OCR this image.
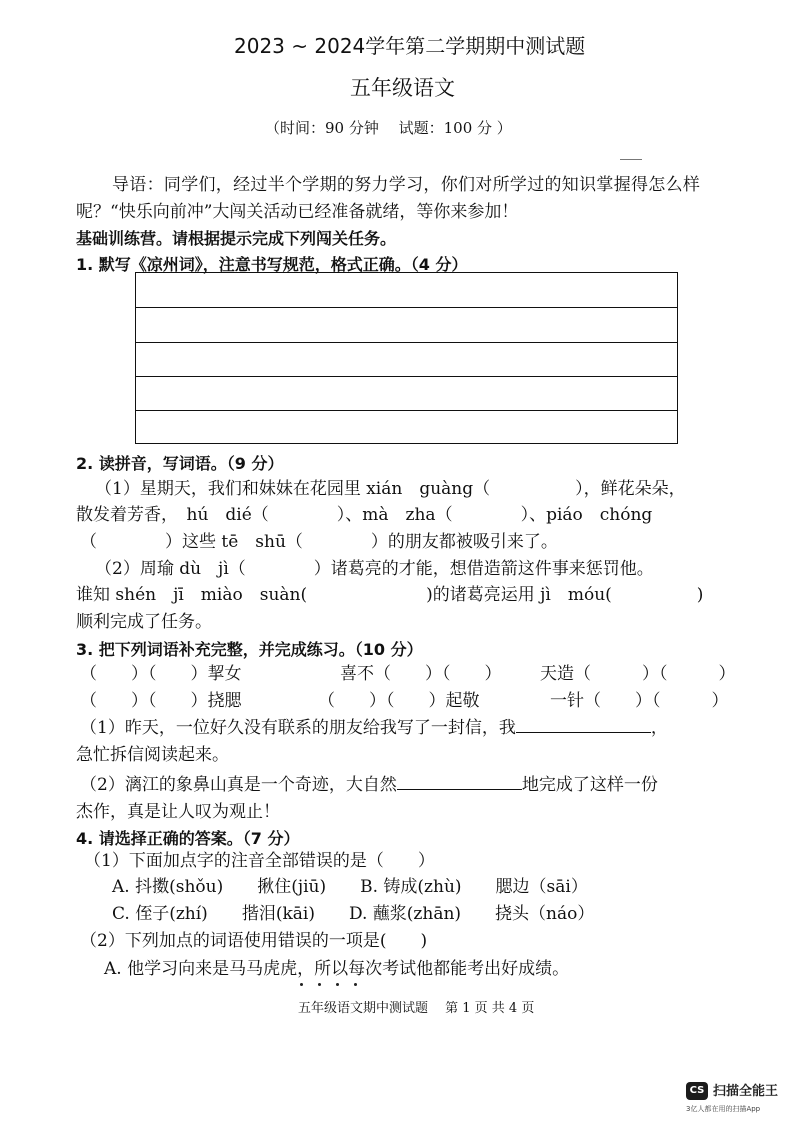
2023 ~ 2024学年第二学期期中测试题
五年级语文
（时间：90 分钟　 试题：100 分 ）
导语：同学们，经过半个学期的努力学习，你们对所学过的知识掌握得怎么样
呢？“快乐向前冲”大闯关活动已经准备就绪，等你来参加！
基础训练营。请根据提示完成下列闯关任务。
1. 默写《凉州词》，注意书写规范，格式正确。（4 分）
2. 读拼音，写词语。（9 分）
（1）星期天，我们和妹妹在花园里 xián　guàng（　　　　　），鲜花朵朵，
散发着芳香，　hú　dié（　　　　）、mà　zha（　　　　）、piáo　chóng
（　　　　）这些 tē　shū（　　　　）的朋友都被吸引来了。
（2）周瑜 dù　jì（　　　　）诸葛亮的才能，想借造箭这件事来惩罚他。
谁知 shén　jī　miào　suàn(　　　　　　　)的诸葛亮运用 jì　móu(　　　　　)
顺利完成了任务。
3. 把下列词语补充完整，并完成练习。（10 分）
（　　）（　　）挈女	喜不（　　）（　　） 天造（　　　）（　　　）
（　　）（　　）挠腮	（　　）（　　）起敬	一针（　　）（　　　）
（1）昨天，一位好久没有联系的朋友给我写了一封信，我	，
急忙拆信阅读起来。
（2）漓江的象鼻山真是一个奇迹，大自然	地完成了这样一份
杰作，真是让人叹为观止！
4. 请选择正确的答案。（7 分）
（1）下面加点字的注音全部错误的是（　　）
A. 抖擞(shǒu)　　揪住(jiū)　　B. 铸成(zhù)　　腮边（sāi）
C. 侄子(zhí)　　揩泪(kāi)　　D. 蘸浆(zhān)　　挠头（náo）
（2）下列加点的词语使用错误的一项是(　　)
A. 他学习向来是马马虎虎，所以每次考试他都能考出好成绩。
五年级语文期中测试题　 第 1 页 共 4 页
CS 扫描全能王
3亿人都在用的扫描App
